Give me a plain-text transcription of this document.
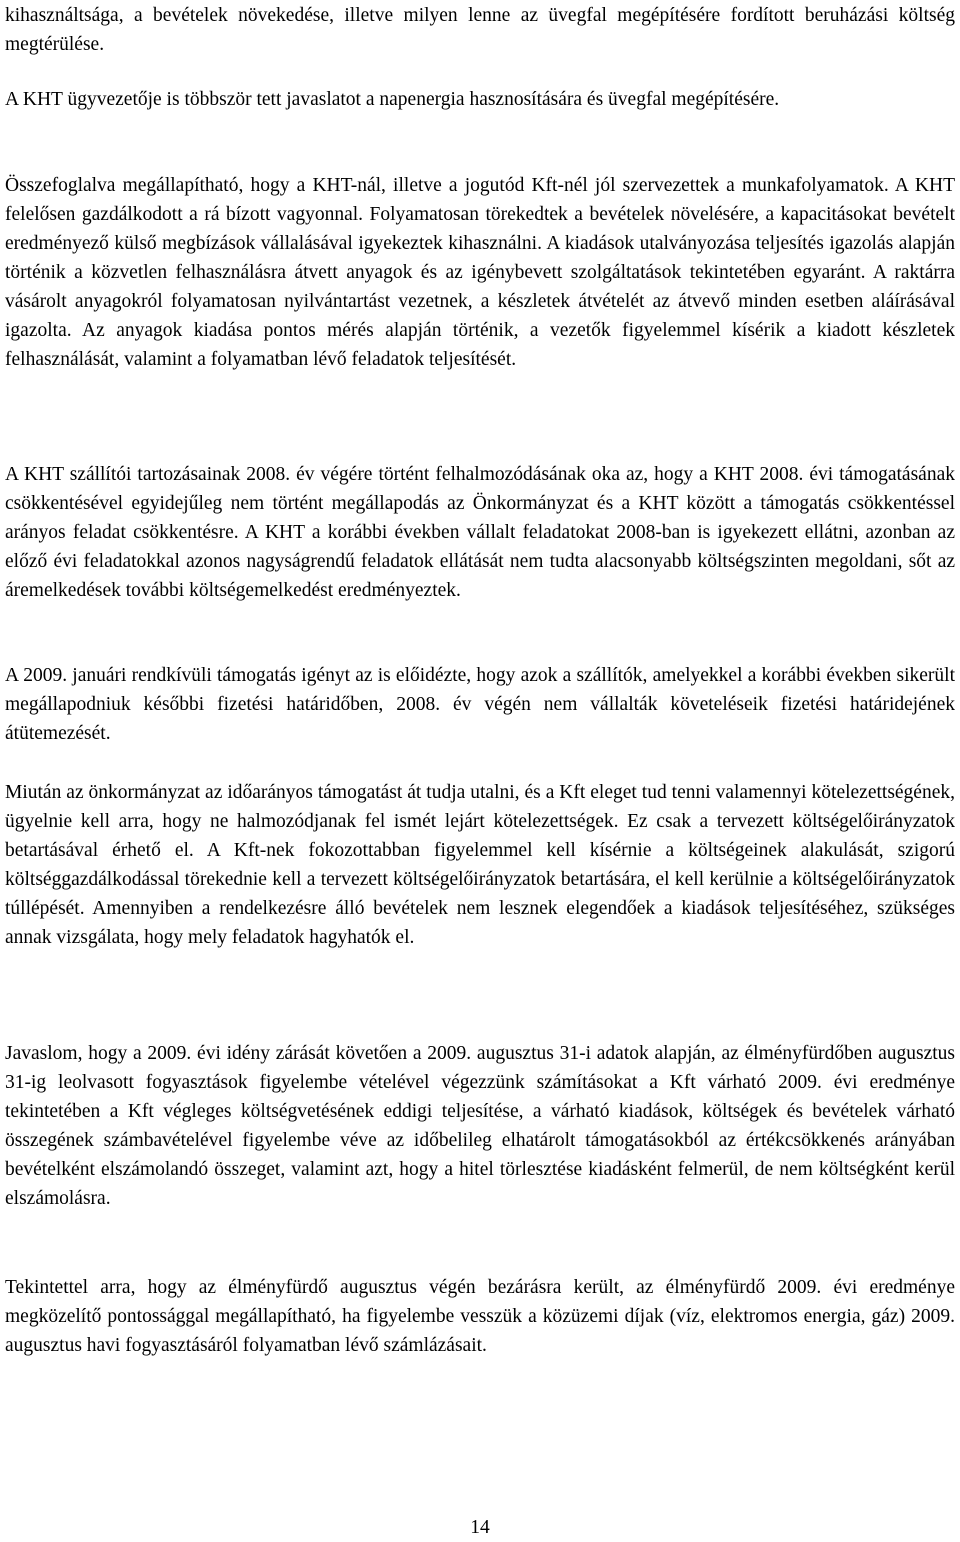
kihasználtsága, a bevételek növekedése, illetve milyen lenne az üvegfal megépítésére fordított beruházási költség megtérülése.

A KHT ügyvezetője is többször tett javaslatot a napenergia hasznosítására és üvegfal megépítésére.

Összefoglalva megállapítható, hogy a KHT-nál, illetve a jogutód Kft-nél jól szervezettek a munkafolyamatok. A KHT felelősen gazdálkodott a rá bízott vagyonnal. Folyamatosan törekedtek a bevételek növelésére, a kapacitásokat bevételt eredményező külső megbízások vállalásával igyekeztek kihasználni. A kiadások utalványozása teljesítés igazolás alapján történik a közvetlen felhasználásra átvett anyagok és az igénybevett szolgáltatások tekintetében egyaránt. A raktárra vásárolt anyagokról folyamatosan nyilvántartást vezetnek, a készletek átvételét az átvevő minden esetben aláírásával igazolta. Az anyagok kiadása pontos mérés alapján történik, a vezetők figyelemmel kísérik a kiadott készletek felhasználását, valamint a folyamatban lévő feladatok teljesítését.

A KHT szállítói tartozásainak 2008. év végére történt felhalmozódásának oka az, hogy a KHT 2008. évi támogatásának csökkentésével egyidejűleg nem történt megállapodás az Önkormányzat és a KHT között a támogatás csökkentéssel arányos feladat csökkentésre. A KHT a korábbi években vállalt feladatokat 2008-ban is igyekezett ellátni, azonban az előző évi feladatokkal azonos nagyságrendű feladatok ellátását nem tudta alacsonyabb költségszinten megoldani, sőt az áremelkedések további költségemelkedést eredményeztek.

A 2009. januári rendkívüli támogatás igényt az is előidézte, hogy azok a szállítók, amelyekkel a korábbi években sikerült megállapodniuk későbbi fizetési határidőben, 2008. év végén nem vállalták követeléseik fizetési határidejének átütemezését.

Miután az önkormányzat az időarányos támogatást át tudja utalni, és a Kft eleget tud tenni valamennyi kötelezettségének, ügyelnie kell arra, hogy ne halmozódjanak fel ismét lejárt kötelezettségek. Ez csak a tervezett költségelőirányzatok betartásával érhető el. A Kft-nek fokozottabban figyelemmel kell kísérnie a költségeinek alakulását, szigorú költséggazdálkodással törekednie kell a tervezett költségelőirányzatok betartására, el kell kerülnie a költségelőirányzatok túllépését. Amennyiben a rendelkezésre álló bevételek nem lesznek elegendőek a kiadások teljesítéséhez, szükséges annak vizsgálata, hogy mely feladatok hagyhatók el.

Javaslom, hogy a 2009. évi idény zárását követően a 2009. augusztus 31-i adatok alapján, az élményfürdőben augusztus 31-ig leolvasott fogyasztások figyelembe vételével végezzünk számításokat a Kft várható 2009. évi eredménye tekintetében a Kft végleges költségvetésének eddigi teljesítése, a várható kiadások, költségek és bevételek várható összegének számbavételével figyelembe véve az időbelileg elhatárolt támogatásokból az értékcsökkenés arányában bevételként elszámolandó összeget, valamint azt, hogy a hitel törlesztése kiadásként felmerül, de nem költségként kerül elszámolásra.

Tekintettel arra, hogy az élményfürdő augusztus végén bezárásra került, az élményfürdő 2009. évi eredménye megközelítő pontossággal megállapítható, ha figyelembe vesszük a közüzemi díjak (víz, elektromos energia, gáz) 2009. augusztus havi fogyasztásáról folyamatban lévő számlázásait.

14
